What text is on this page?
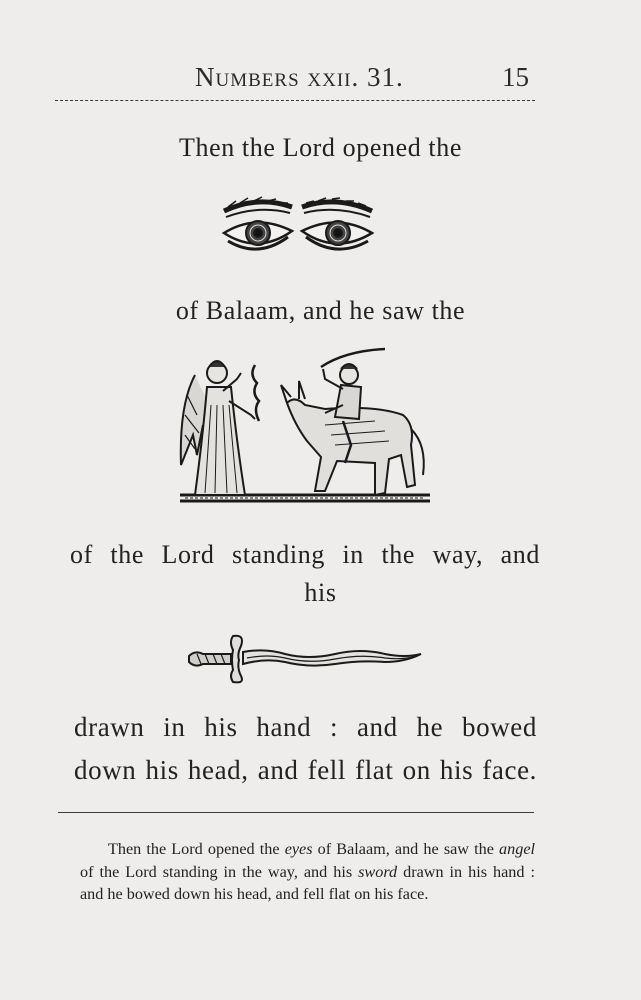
Numbers xxii. 31.	15
Then the Lord opened the
of Balaam, and he saw the
of the Lord standing in the way, and
his
drawn in his hand : and he bowed
down his head, and fell flat on his face.
Then the Lord opened the eyes of Balaam, and he saw the angel of the Lord standing in the way, and his sword drawn in his hand : and he bowed down his head, and fell flat on his face.
